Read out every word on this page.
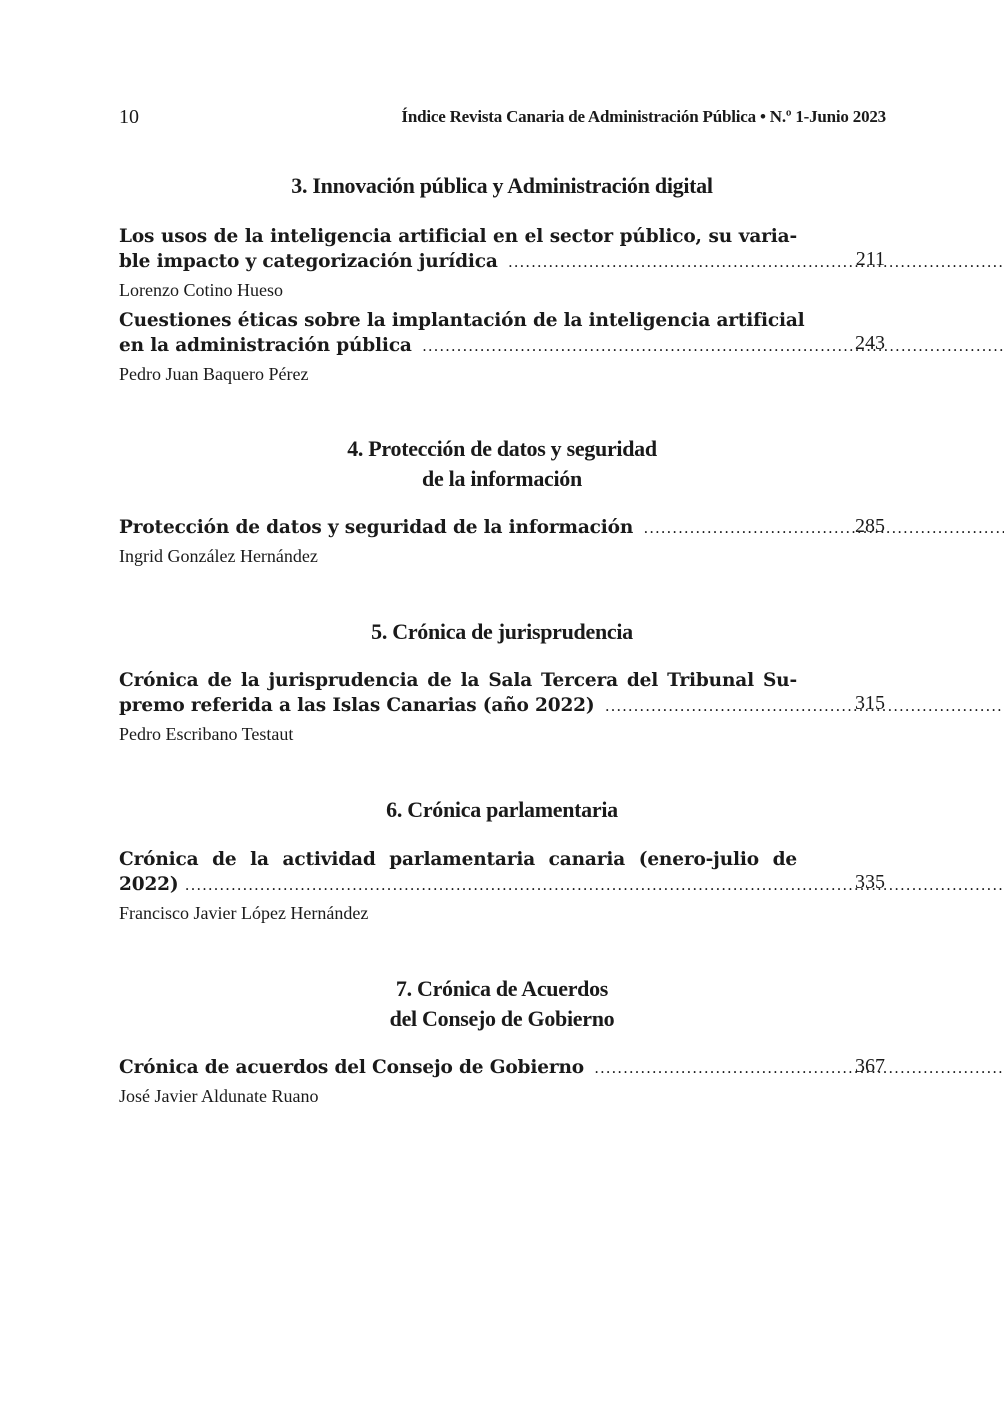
10	Índice Revista Canaria de Administración Pública • N.º 1-Junio 2023
3. Innovación pública y Administración digital
Los usos de la inteligencia artificial en el sector público, su varia-
ble impacto y categorización jurídica .....	211
Lorenzo Cotino Hueso
Cuestiones éticas sobre la implantación de la inteligencia artificial
en la administración pública .....	243
Pedro Juan Baquero Pérez
4. Protección de datos y seguridad
de la información
Protección de datos y seguridad de la información .....	285
Ingrid González Hernández
5. Crónica de jurisprudencia
Crónica de la jurisprudencia de la Sala Tercera del Tribunal Su-
premo referida a las Islas Canarias (año 2022) .....	315
Pedro Escribano Testaut
6. Crónica parlamentaria
Crónica de la actividad parlamentaria canaria (enero-julio de
2022) .....	335
Francisco Javier López Hernández
7. Crónica de Acuerdos
del Consejo de Gobierno
Crónica de acuerdos del Consejo de Gobierno .....	367
José Javier Aldunate Ruano
